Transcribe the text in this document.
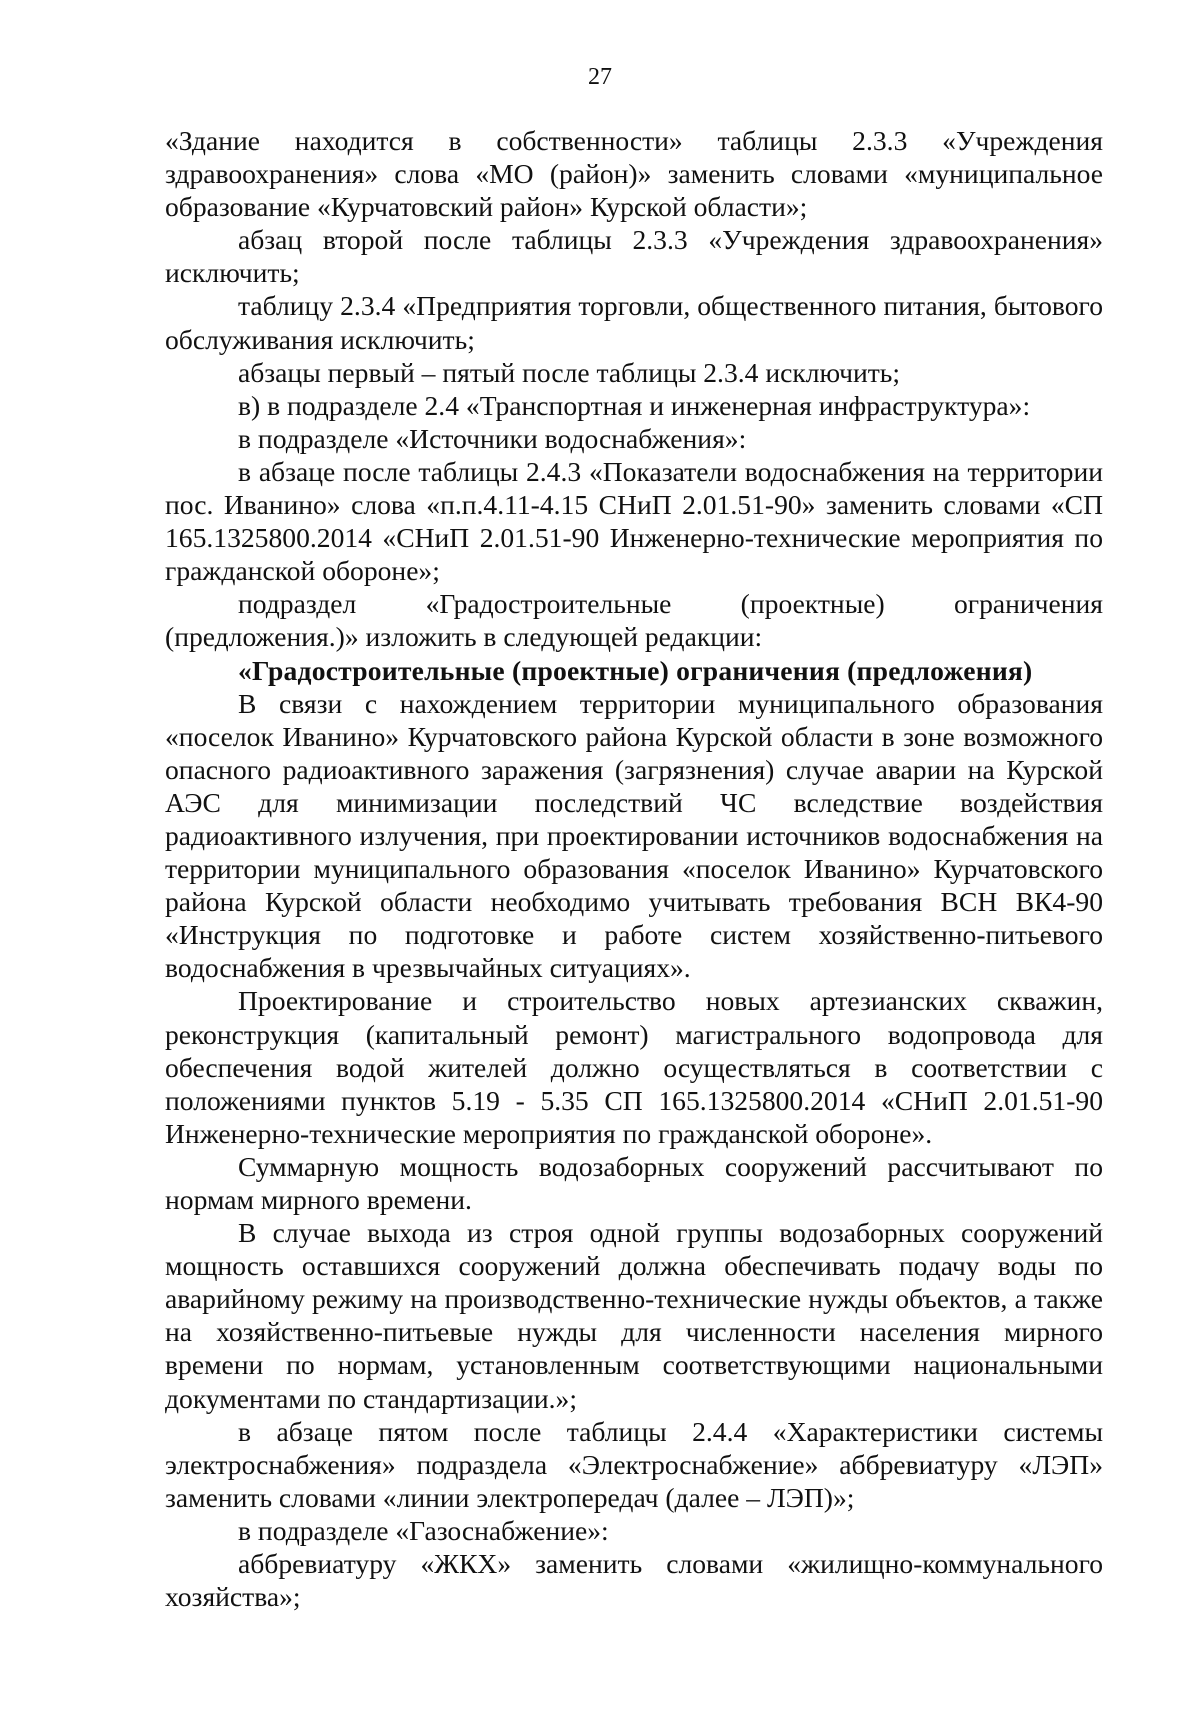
27

«Здание находится в собственности» таблицы 2.3.3 «Учреждения здравоохранения» слова «МО (район)» заменить словами «муниципальное образование «Курчатовский район» Курской области»;

абзац второй после таблицы 2.3.3 «Учреждения здравоохранения» исключить;

таблицу 2.3.4 «Предприятия торговли, общественного питания, бытового обслуживания исключить;

абзацы первый – пятый после таблицы 2.3.4 исключить;

в) в подразделе 2.4 «Транспортная и инженерная инфраструктура»:

в подразделе «Источники водоснабжения»:

в абзаце после таблицы 2.4.3 «Показатели водоснабжения на территории пос. Иванино» слова «п.п.4.11-4.15 СНиП 2.01.51-90» заменить словами «СП 165.1325800.2014 «СНиП 2.01.51-90 Инженерно-технические мероприятия по гражданской обороне»;

подраздел «Градостроительные (проектные) ограничения (предложения.)» изложить в следующей редакции:

«Градостроительные (проектные) ограничения (предложения)

В связи с нахождением территории муниципального образования «поселок Иванино» Курчатовского района Курской области в зоне возможного опасного радиоактивного заражения (загрязнения) случае аварии на Курской АЭС для минимизации последствий ЧС вследствие воздействия радиоактивного излучения, при проектировании источников водоснабжения на территории муниципального образования «поселок Иванино» Курчатовского района Курской области необходимо учитывать требования ВСН ВК4-90 «Инструкция по подготовке и работе систем хозяйственно-питьевого водоснабжения в чрезвычайных ситуациях».

Проектирование и строительство новых артезианских скважин, реконструкция (капитальный ремонт) магистрального водопровода для обеспечения водой жителей должно осуществляться в соответствии с положениями пунктов 5.19 - 5.35 СП 165.1325800.2014 «СНиП 2.01.51-90 Инженерно-технические мероприятия по гражданской обороне».

Суммарную мощность водозаборных сооружений рассчитывают по нормам мирного времени.

В случае выхода из строя одной группы водозаборных сооружений мощность оставшихся сооружений должна обеспечивать подачу воды по аварийному режиму на производственно-технические нужды объектов, а также на хозяйственно-питьевые нужды для численности населения мирного времени по нормам, установленным соответствующими национальными документами по стандартизации.»;

в абзаце пятом после таблицы 2.4.4 «Характеристики системы электроснабжения» подраздела «Электроснабжение» аббревиатуру «ЛЭП» заменить словами «линии электропередач (далее – ЛЭП)»;

в подразделе «Газоснабжение»:

аббревиатуру «ЖКХ» заменить словами «жилищно-коммунального хозяйства»;
